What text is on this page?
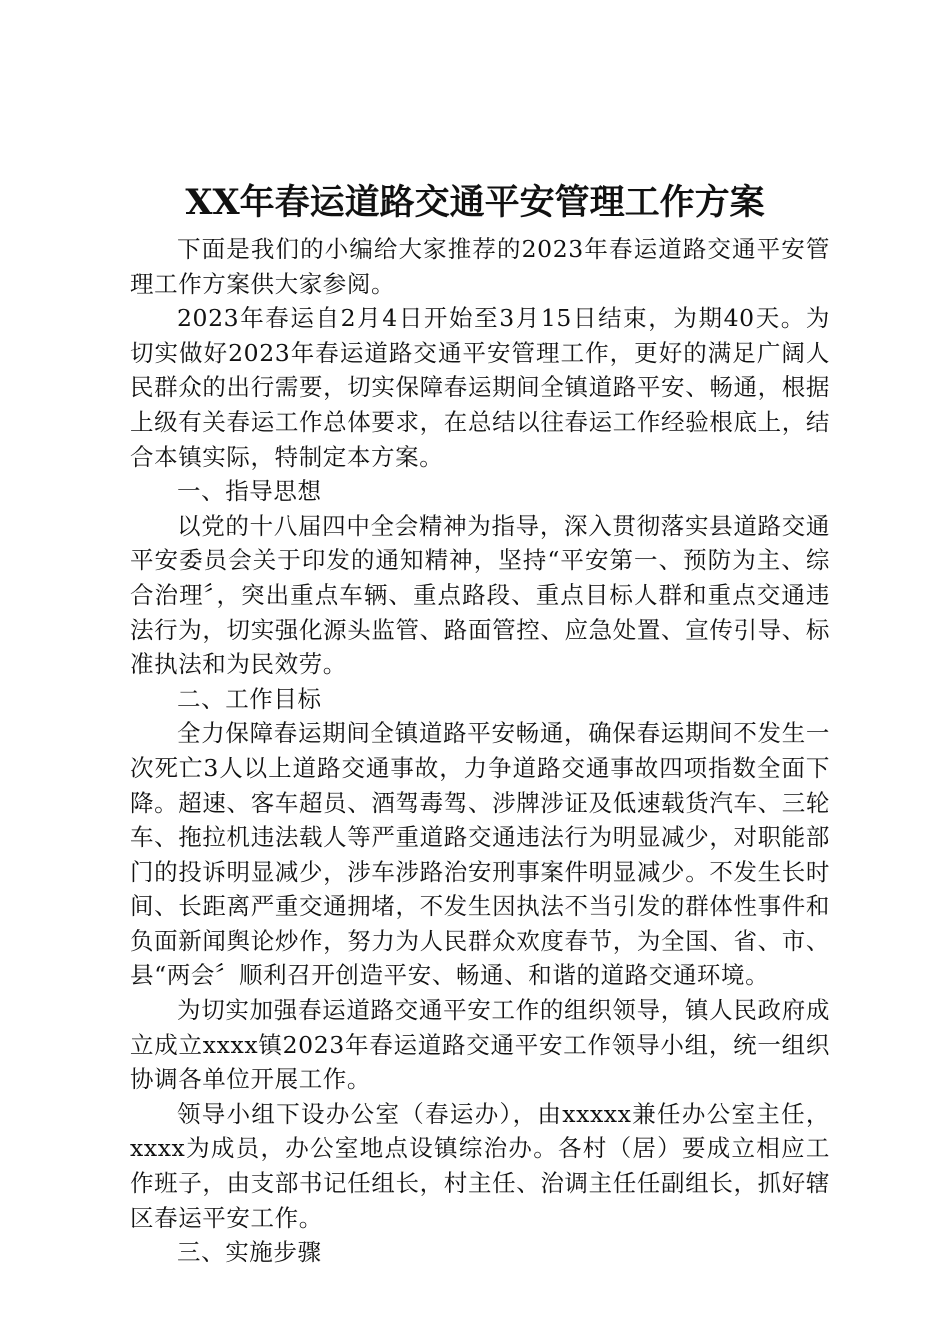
XX年春运道路交通平安管理工作方案

下面是我们的小编给大家推荐的2023年春运道路交通平安管理工作方案供大家参阅。

2023年春运自2月4日开始至3月15日结束，为期40天。为切实做好2023年春运道路交通平安管理工作，更好的满足广阔人民群众的出行需要，切实保障春运期间全镇道路平安、畅通，根据上级有关春运工作总体要求，在总结以往春运工作经验根底上，结合本镇实际，特制定本方案。

一、指导思想

以党的十八届四中全会精神为指导，深入贯彻落实县道路交通平安委员会关于印发的通知精神，坚持“平安第一、预防为主、综合治理〞，突出重点车辆、重点路段、重点目标人群和重点交通违法行为，切实强化源头监管、路面管控、应急处置、宣传引导、标准执法和为民效劳。

二、工作目标

全力保障春运期间全镇道路平安畅通，确保春运期间不发生一次死亡3人以上道路交通事故，力争道路交通事故四项指数全面下降。超速、客车超员、酒驾毒驾、涉牌涉证及低速载货汽车、三轮车、拖拉机违法载人等严重道路交通违法行为明显减少，对职能部门的投诉明显减少，涉车涉路治安刑事案件明显减少。不发生长时间、长距离严重交通拥堵，不发生因执法不当引发的群体性事件和负面新闻舆论炒作，努力为人民群众欢度春节，为全国、省、市、县“两会〞顺利召开创造平安、畅通、和谐的道路交通环境。

为切实加强春运道路交通平安工作的组织领导，镇人民政府成立成立xxxx镇2023年春运道路交通平安工作领导小组，统一组织协调各单位开展工作。

领导小组下设办公室（春运办），由xxxxx兼任办公室主任，xxxx为成员，办公室地点设镇综治办。各村（居）要成立相应工作班子，由支部书记任组长，村主任、治调主任任副组长，抓好辖区春运平安工作。

三、实施步骤
